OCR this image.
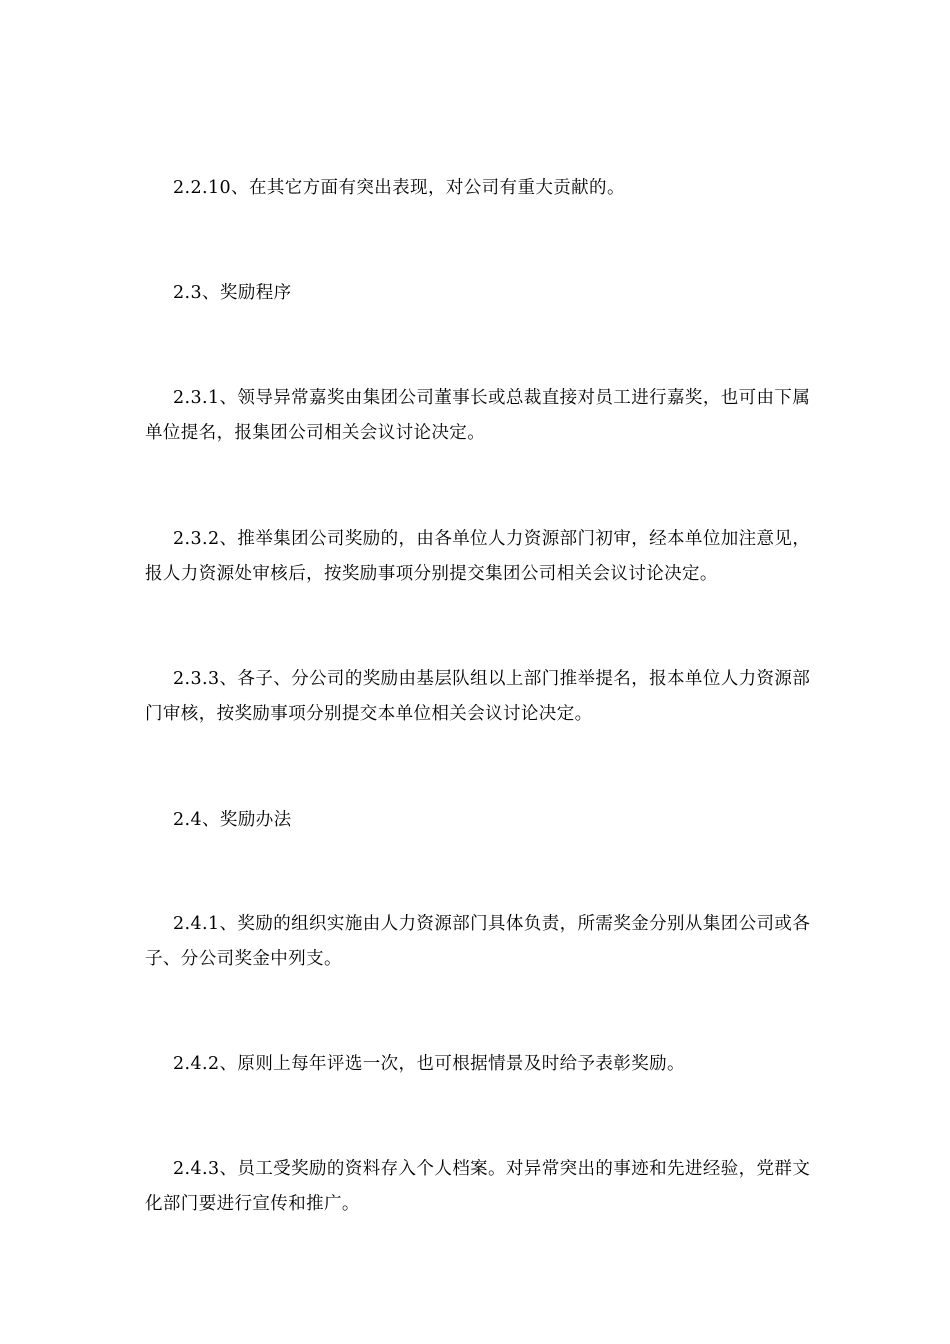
2.2.10、在其它方面有突出表现，对公司有重大贡献的。

2.3、奖励程序

2.3.1、领导异常嘉奖由集团公司董事长或总裁直接对员工进行嘉奖，也可由下属单位提名，报集团公司相关会议讨论决定。

2.3.2、推举集团公司奖励的，由各单位人力资源部门初审，经本单位加注意见，报人力资源处审核后，按奖励事项分别提交集团公司相关会议讨论决定。

2.3.3、各子、分公司的奖励由基层队组以上部门推举提名，报本单位人力资源部门审核，按奖励事项分别提交本单位相关会议讨论决定。

2.4、奖励办法

2.4.1、奖励的组织实施由人力资源部门具体负责，所需奖金分别从集团公司或各子、分公司奖金中列支。

2.4.2、原则上每年评选一次，也可根据情景及时给予表彰奖励。

2.4.3、员工受奖励的资料存入个人档案。对异常突出的事迹和先进经验，党群文化部门要进行宣传和推广。
